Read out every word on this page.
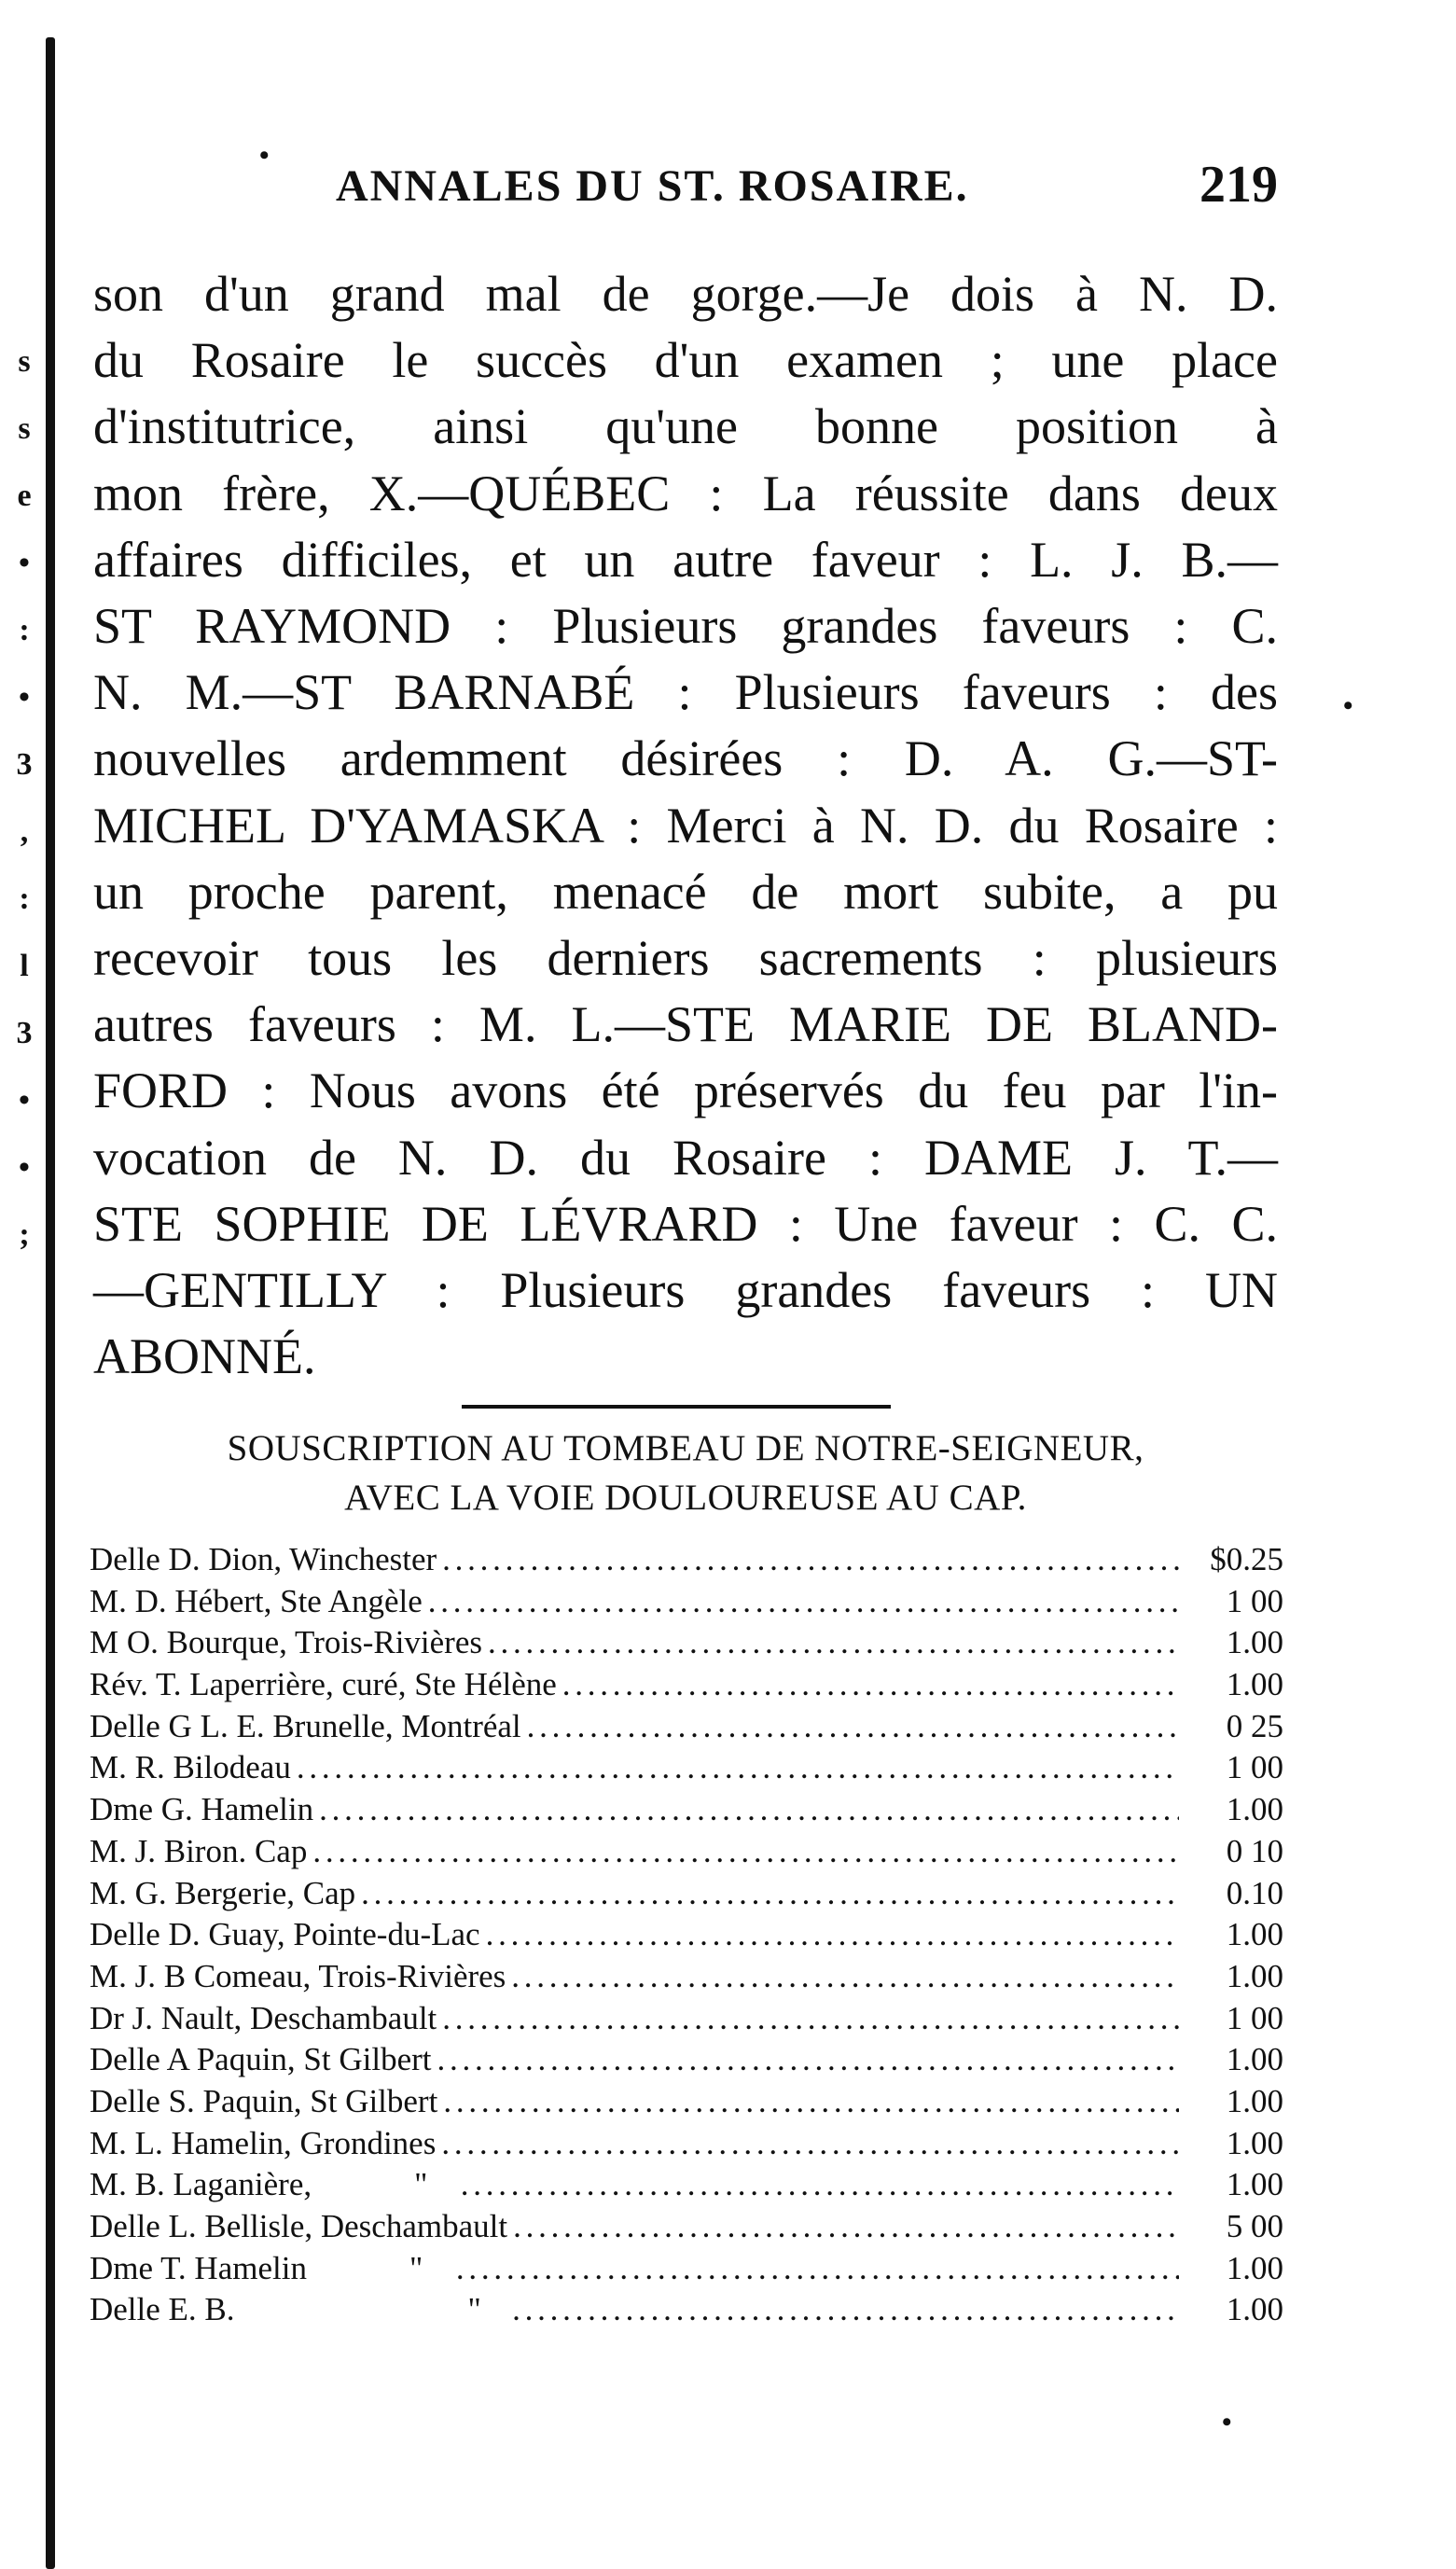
s
s
e
•
:
•
3
,
:
l
3
•
•
;
ANNALES DU ST. ROSAIRE.	219
son d'un grand mal de gorge.—Je dois à N. D.
du Rosaire le succès d'un examen ; une place
d'institutrice, ainsi qu'une bonne position à
mon frère, X.—QUÉBEC : La réussite dans deux
affaires difficiles, et un autre faveur : L. J. B.—
ST RAYMOND : Plusieurs grandes faveurs : C.
N. M.—ST BARNABÉ : Plusieurs faveurs : des
nouvelles ardemment désirées : D. A. G.—ST-
MICHEL D'YAMASKA : Merci à N. D. du Rosaire :
un proche parent, menacé de mort subite, a pu
recevoir tous les derniers sacrements : plusieurs
autres faveurs : M. L.—STE MARIE DE BLAND-
FORD : Nous avons été préservés du feu par l'in-
vocation de N. D. du Rosaire : DAME J. T.—
STE SOPHIE DE LÉVRARD : Une faveur : C. C.
—GENTILLY : Plusieurs grandes faveurs : UN
ABONNÉ.
SOUSCRIPTION AU TOMBEAU DE NOTRE-SEIGNEUR,
AVEC LA VOIE DOULOUREUSE AU CAP.
Delle D. Dion, Winchester . . .	$0.25
M. D. Hébert, Ste Angèle . . .	1 00
M O. Bourque, Trois-Rivières . . .	1.00
Rév. T. Laperrière, curé, Ste Hélène . . .	1.00
Delle G L. E. Brunelle, Montréal . . .	0 25
M. R. Bilodeau . . .	1 00
Dme G. Hamelin . . .	1.00
M. J. Biron. Cap . . .	0 10
M. G. Bergerie, Cap . . .	0.10
Delle D. Guay, Pointe-du-Lac . . .	1.00
M. J. B Comeau, Trois-Rivières . . .	1.00
Dr J. Nault, Deschambault . . .	1 00
Delle A Paquin, St Gilbert . . .	1.00
Delle S. Paquin, St Gilbert . . .	1.00
M. L. Hamelin, Grondines . . .	1.00
M. B. Laganière,	" . . .	1.00
Delle L. Bellisle, Deschambault . . .	5 00
Dme T. Hamelin	" . . .	1.00
Delle E. B.	" . . .	1.00
•
•
•
